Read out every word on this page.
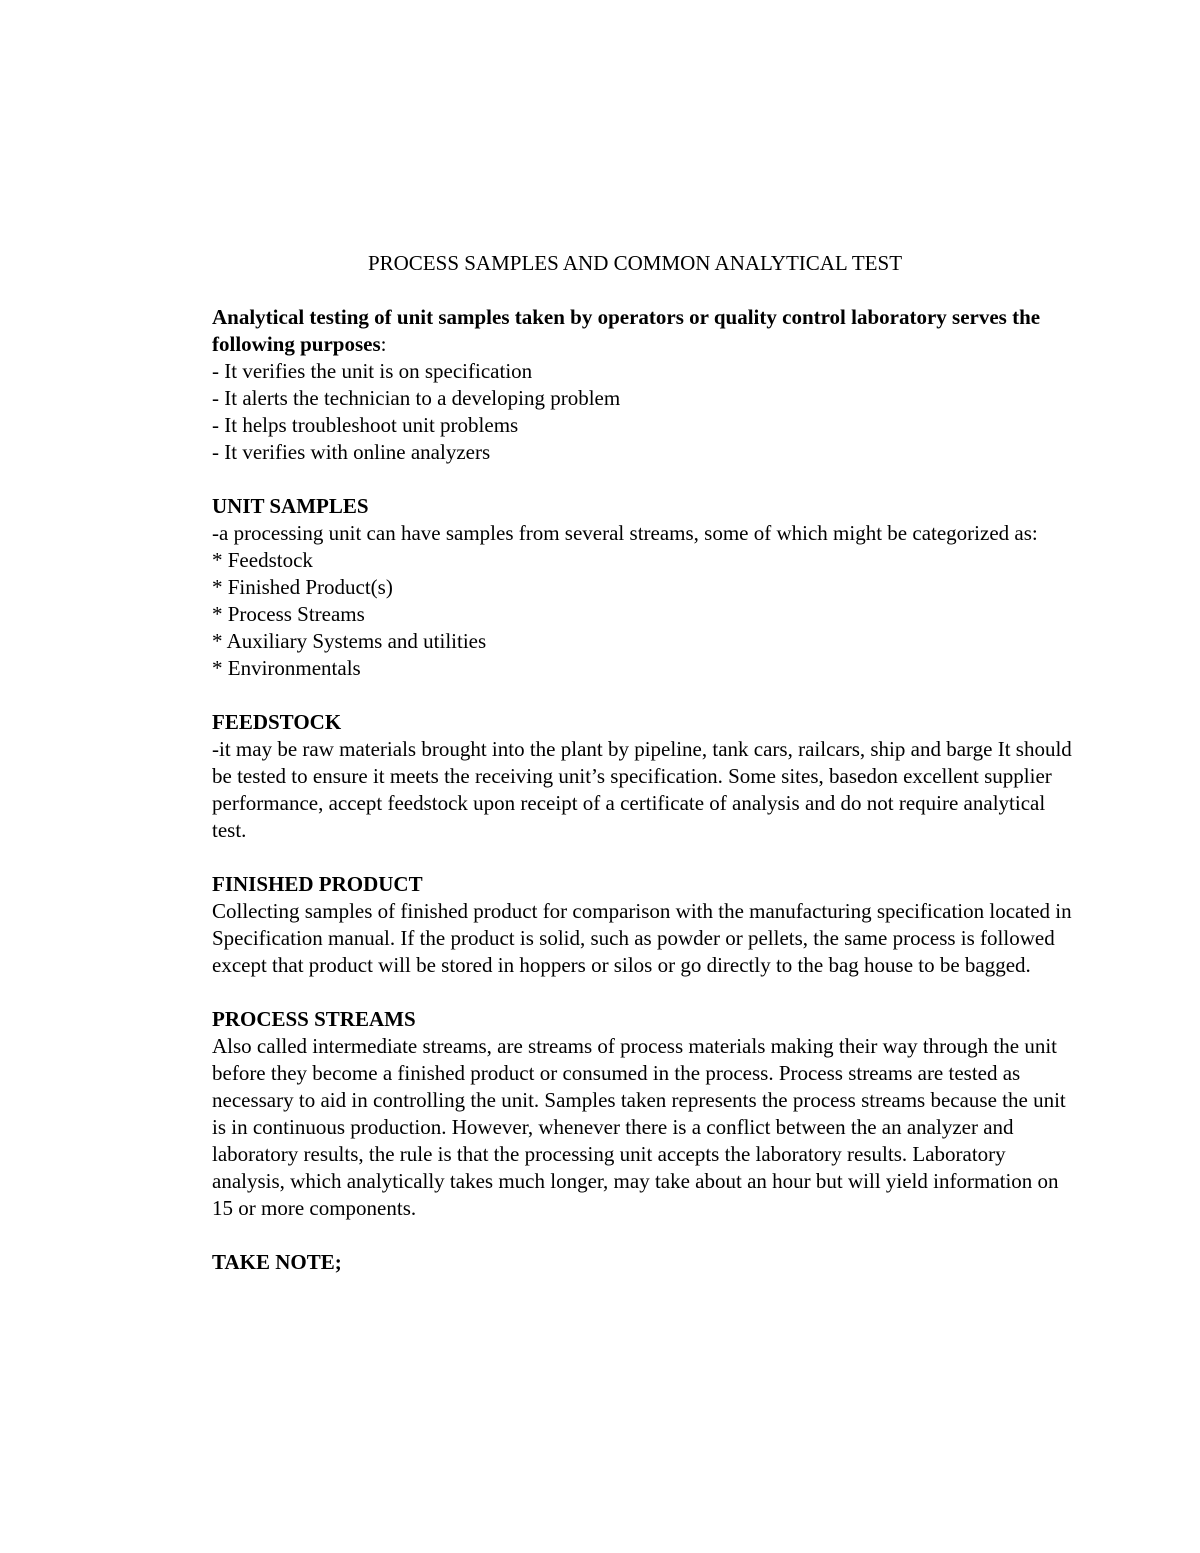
PROCESS SAMPLES AND COMMON ANALYTICAL TEST

Analytical testing of unit samples taken by operators or quality control laboratory serves the following purposes:

- It verifies the unit is on specification
- It alerts the technician to a developing problem
- It helps troubleshoot unit problems
- It verifies with online analyzers

UNIT SAMPLES

-a processing unit can have samples from several streams, some of which might be categorized as:

* Feedstock
* Finished Product(s)
* Process Streams
* Auxiliary Systems and utilities
* Environmentals

FEEDSTOCK

-it may be raw materials brought into the plant by pipeline, tank cars, railcars, ship and barge It should be tested to ensure it meets the receiving unit’s specification. Some sites, basedon excellent supplier performance, accept feedstock upon receipt of a certificate of analysis and do not require analytical test.

FINISHED PRODUCT

Collecting samples of finished product for comparison with the manufacturing specification located in Specification manual. If the product is solid, such as powder or pellets, the same process is followed except that product will be stored in hoppers or silos or go directly to the bag house to be bagged.

PROCESS STREAMS

Also called intermediate streams, are streams of process materials making their way through the unit before they become a finished product or consumed in the process. Process streams are tested as necessary to aid in controlling the unit. Samples taken represents the process streams because the unit is in continuous production. However, whenever there is a conflict between the an analyzer and laboratory results, the rule is that the processing unit accepts the laboratory results. Laboratory analysis, which analytically takes much longer, may take about an hour but will yield information on 15 or more components.

TAKE NOTE;
